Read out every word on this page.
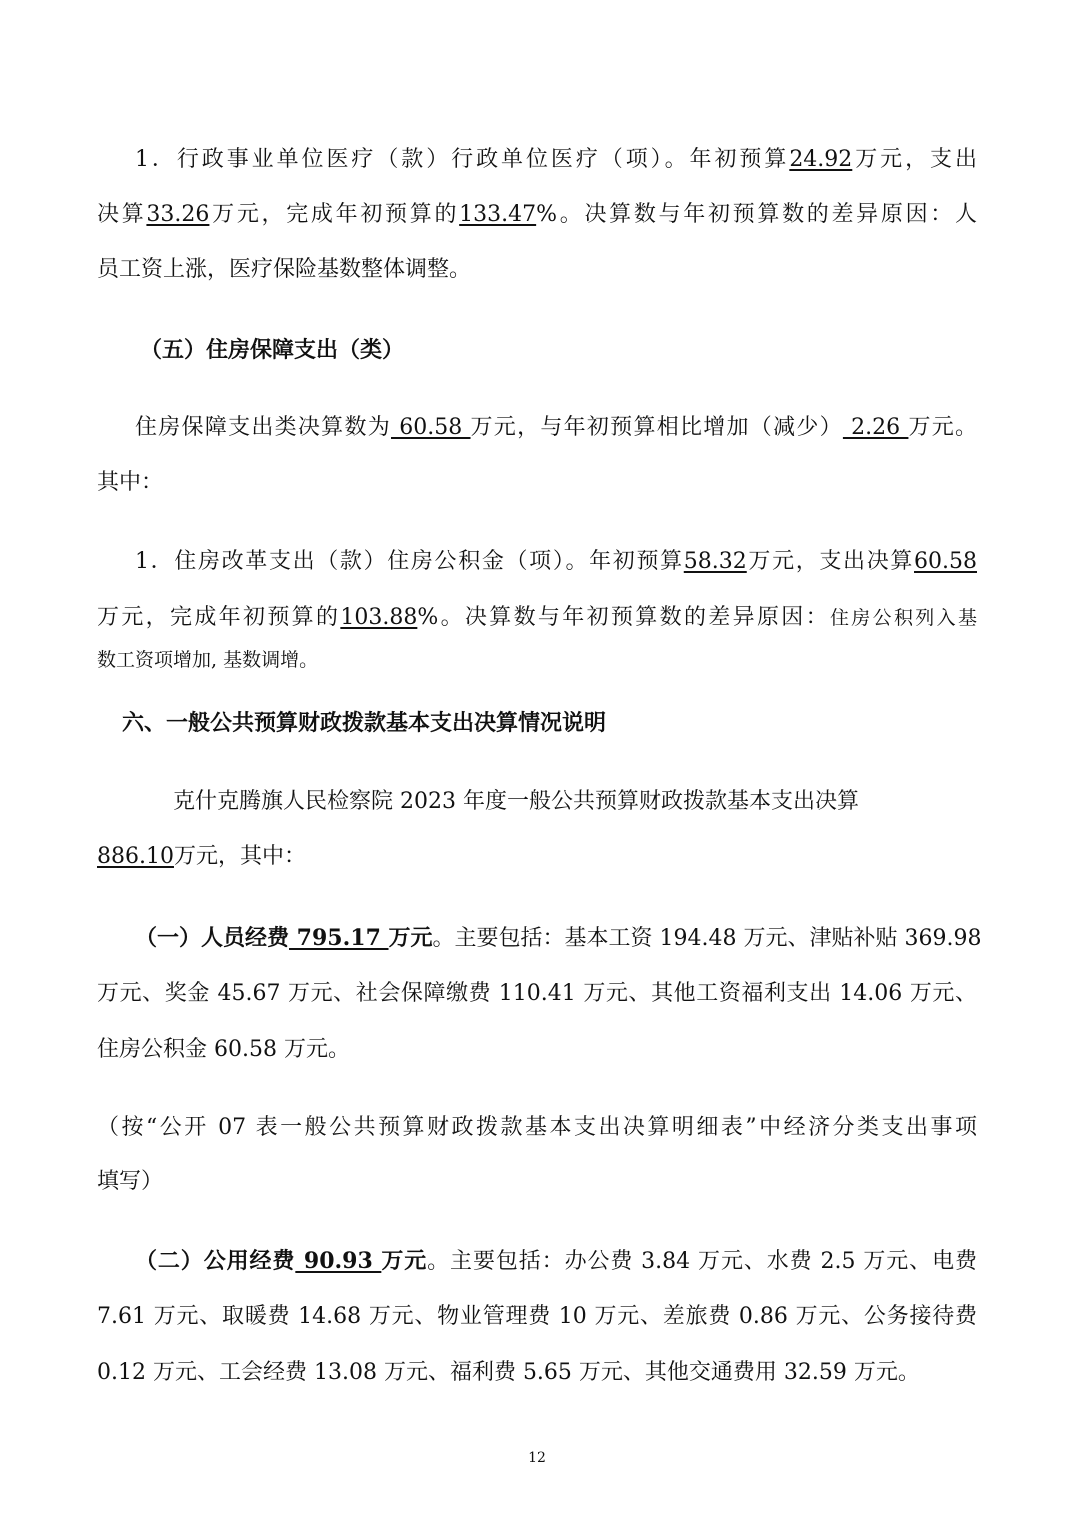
1．行政事业单位医疗（款）行政单位医疗（项）。年初预算24.92万元，支出
决算33.26万元，完成年初预算的133.47%。决算数与年初预算数的差异原因：人
员工资上涨，医疗保险基数整体调整。
（五）住房保障支出（类）
住房保障支出类决算数为 60.58 万元，与年初预算相比增加（减少） 2.26 万元。
其中：
1．住房改革支出（款）住房公积金（项）。年初预算58.32万元，支出决算60.58
万元，完成年初预算的103.88%。决算数与年初预算数的差异原因：住房公积列入基
数工资项增加, 基数调增。
六、一般公共预算财政拨款基本支出决算情况说明
克什克腾旗人民检察院 2023 年度一般公共预算财政拨款基本支出决算
886.10万元，其中：
（一）人员经费 795.17 万元。主要包括：基本工资 194.48 万元、津贴补贴 369.98
万元、奖金 45.67 万元、社会保障缴费 110.41 万元、其他工资福利支出 14.06 万元、
住房公积金 60.58 万元。
（按“公开 07 表一般公共预算财政拨款基本支出决算明细表”中经济分类支出事项
填写）
（二）公用经费 90.93 万元。主要包括：办公费 3.84 万元、水费 2.5 万元、电费
7.61 万元、取暖费 14.68 万元、物业管理费 10 万元、差旅费 0.86 万元、公务接待费
0.12 万元、工会经费 13.08 万元、福利费 5.65 万元、其他交通费用 32.59 万元。
12
